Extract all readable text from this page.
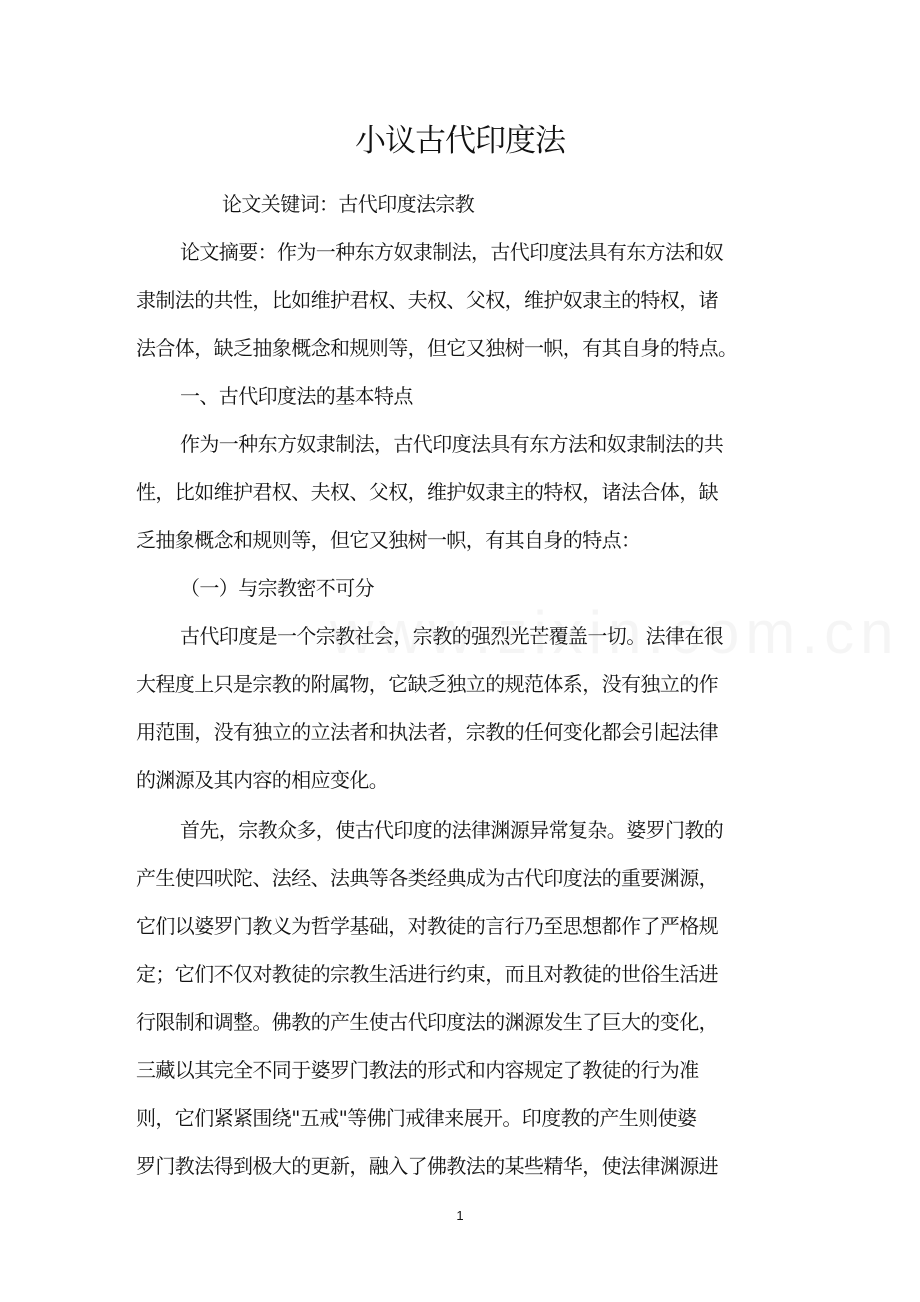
小议古代印度法
论文关键词：古代印度法宗教
论文摘要：作为一种东方奴隶制法，古代印度法具有东方法和奴
隶制法的共性，比如维护君权、夫权、父权，维护奴隶主的特权，诸
法合体，缺乏抽象概念和规则等，但它又独树一帜，有其自身的特点。
一、古代印度法的基本特点
作为一种东方奴隶制法，古代印度法具有东方法和奴隶制法的共
性，比如维护君权、夫权、父权，维护奴隶主的特权，诸法合体，缺
乏抽象概念和规则等，但它又独树一帜，有其自身的特点：
（一）与宗教密不可分
古代印度是一个宗教社会，宗教的强烈光芒覆盖一切。法律在很
大程度上只是宗教的附属物，它缺乏独立的规范体系，没有独立的作
用范围，没有独立的立法者和执法者，宗教的任何变化都会引起法律
的渊源及其内容的相应变化。
首先，宗教众多，使古代印度的法律渊源异常复杂。婆罗门教的
产生使四吠陀、法经、法典等各类经典成为古代印度法的重要渊源，
它们以婆罗门教义为哲学基础，对教徒的言行乃至思想都作了严格规
定；它们不仅对教徒的宗教生活进行约束，而且对教徒的世俗生活进
行限制和调整。佛教的产生使古代印度法的渊源发生了巨大的变化，
三藏以其完全不同于婆罗门教法的形式和内容规定了教徒的行为准
则，它们紧紧围绕"五戒"等佛门戒律来展开。印度教的产生则使婆
罗门教法得到极大的更新，融入了佛教法的某些精华，使法律渊源进
1
